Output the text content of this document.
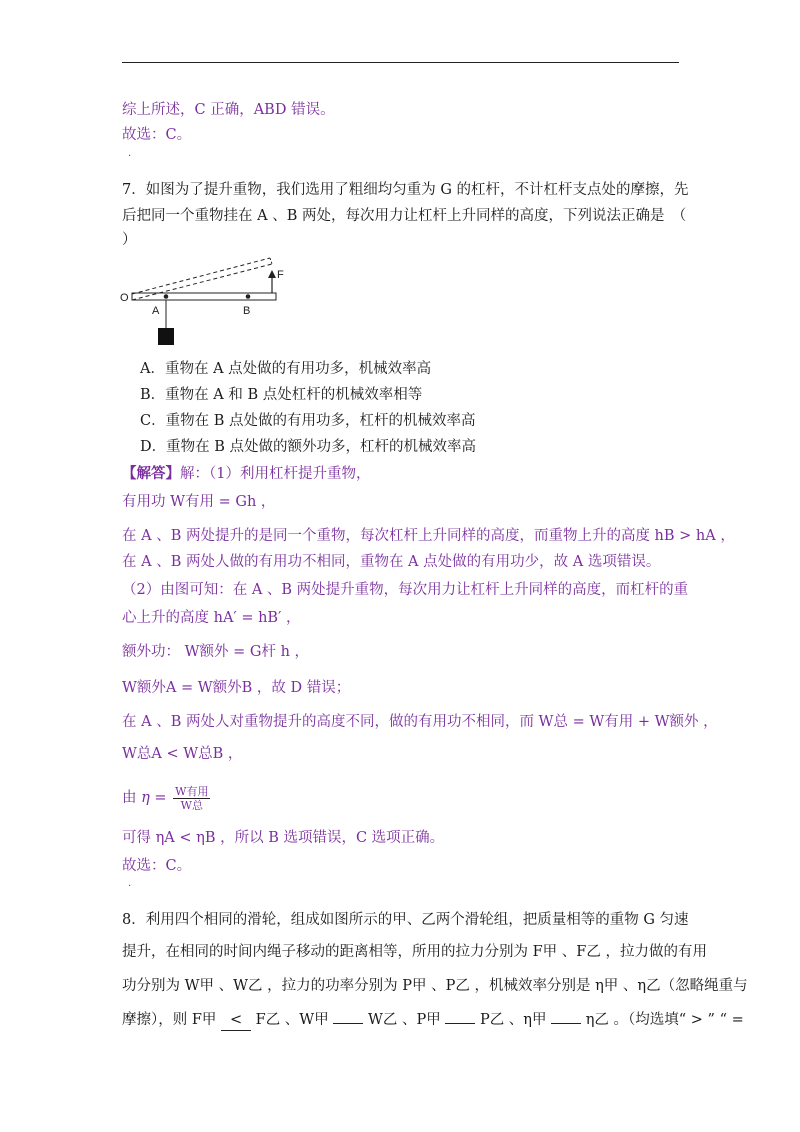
综上所述，C 正确，ABD 错误。
故选：C。
.
7．如图为了提升重物，我们选用了粗细均匀重为 G 的杠杆，不计杠杆支点处的摩擦，先
后把同一个重物挂在 A 、B 两处，每次用力让杠杆上升同样的高度，下列说法正确是　（
）
O
A	B
F
A．重物在 A 点处做的有用功多，机械效率高
B．重物在 A 和 B 点处杠杆的机械效率相等
C．重物在 B 点处做的有用功多，杠杆的机械效率高
D．重物在 B 点处做的额外功多，杠杆的机械效率高
【解答】解：（1）利用杠杆提升重物，
有用功 W有用 = Gh ，
在 A 、B 两处提升的是同一个重物，每次杠杆上升同样的高度，而重物上升的高度 hB > hA ，
在 A 、B 两处人做的有用功不相同，重物在 A 点处做的有用功少，故 A 选项错误。
（2）由图可知：在 A 、B 两处提升重物，每次用力让杠杆上升同样的高度，而杠杆的重
心上升的高度 hA′ = hB′ ，
额外功： W额外 = G杆 h ，
W额外A = W额外B ，故 D 错误；
在 A 、B 两处人对重物提升的高度不同，做的有用功不相同，而 W总 = W有用 + W额外 ，
W总A < W总B ，
由 $\eta = \frac{\text{W有用}}{\text{W总}}$
可得 ηA < ηB ，所以 B 选项错误，C 选项正确。
故选：C。
.
8．利用四个相同的滑轮，组成如图所示的甲、乙两个滑轮组，把质量相等的重物 G 匀速
提升，在相同的时间内绳子移动的距离相等，所用的拉力分别为 F甲 、F乙 ，拉力做的有用
功分别为 W甲 、W乙 ，拉力的功率分别为 P甲 、P乙 ，机械效率分别是 η甲 、η乙（忽略绳重与
摩擦），则 F甲 < F乙 、W甲	W乙 、P甲	P乙 、η甲	η乙 。（均选填“ > ” “ =
